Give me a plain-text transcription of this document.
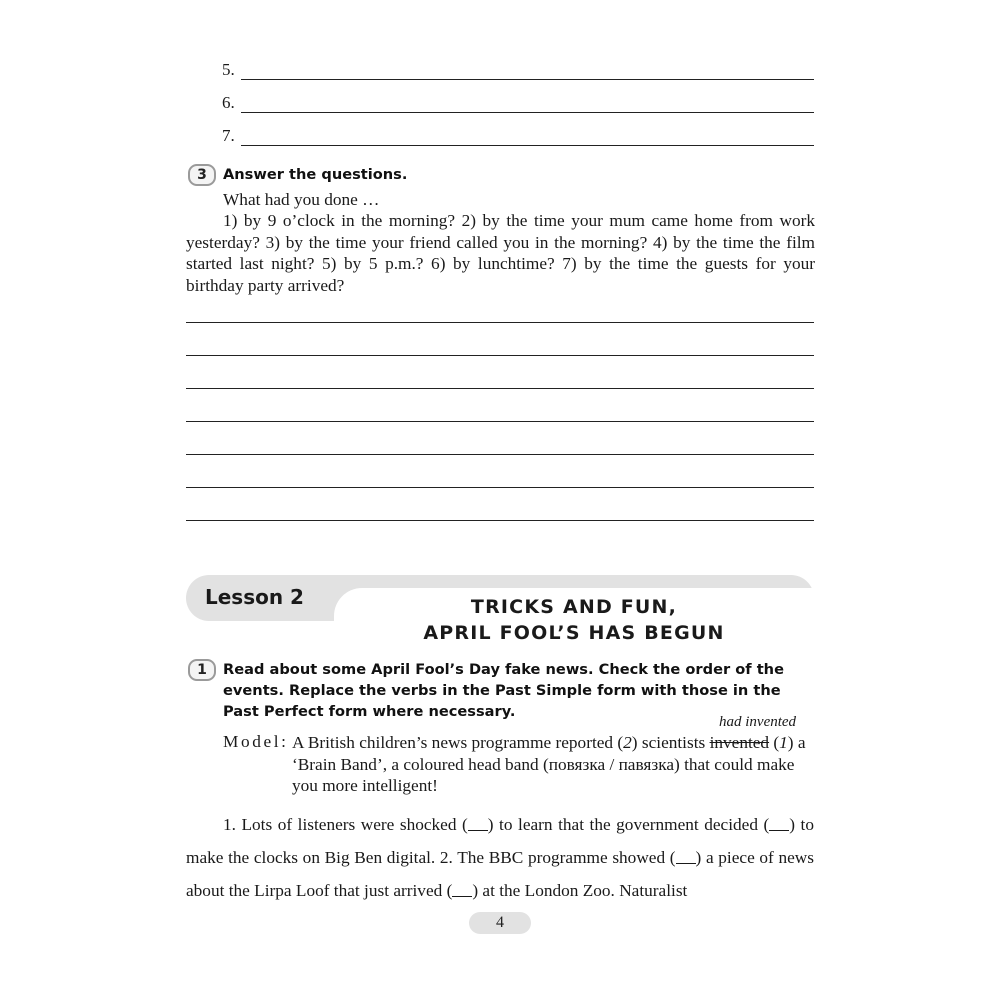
5.
6.
7.
3	Answer the questions.
What had you done …
1) by 9 o’clock in the morning? 2) by the time your mum came home from work yesterday? 3) by the time your friend called you in the morning? 4) by the time the film started last night? 5) by 5 p.m.? 6) by lunchtime? 7) by the time the guests for your birthday party arrived?
Lesson 2	TRICKS AND FUN,
APRIL FOOL’S HAS BEGUN
1	Read about some April Fool’s Day fake news. Check the order of the events. Replace the verbs in the Past Simple form with those in the Past Perfect form where necessary.
had invented
Model: A British children’s news programme reported (2) scientists invented (1) a ‘Brain Band’, a coloured head band (повязка / павязка) that could make you more intelligent!
1. Lots of listeners were shocked ( ) to learn that the government decided ( ) to make the clocks on Big Ben digital. 2. The BBC programme showed ( ) a piece of news about the Lirpa Loof that just arrived ( ) at the London Zoo. Naturalist
4
